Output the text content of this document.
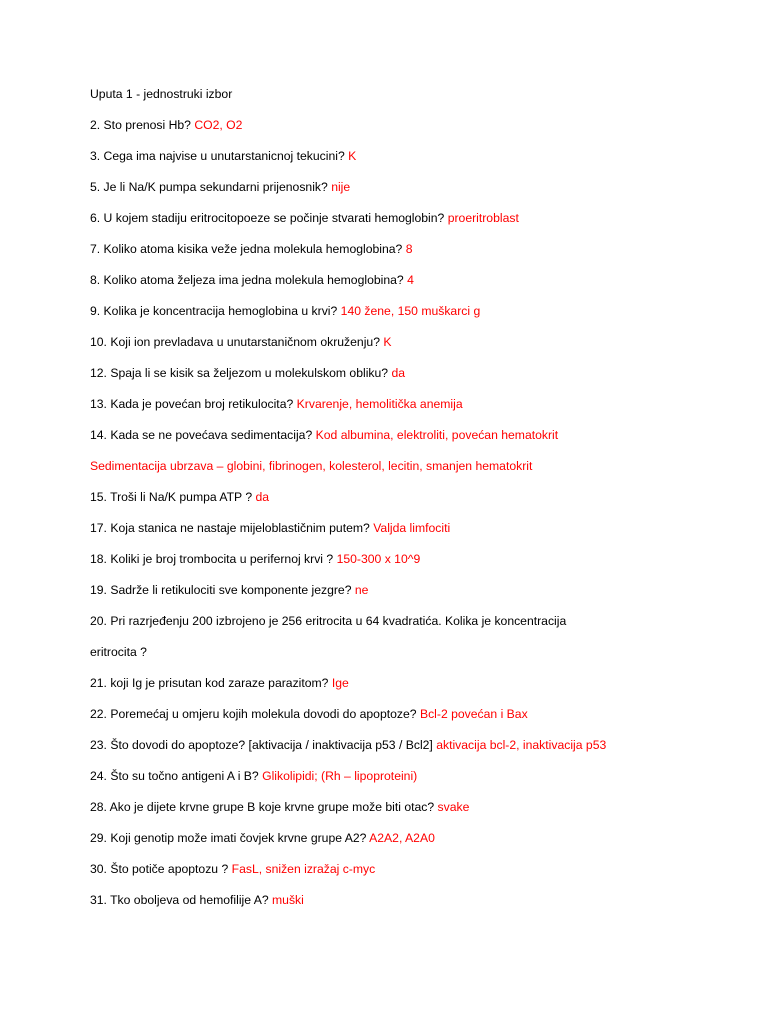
Uputa 1 - jednostruki izbor
2. Sto prenosi Hb? CO2, O2
3. Cega ima najvise u unutarstanicnoj tekucini? K
5. Je li Na/K pumpa sekundarni prijenosnik? nije
6. U kojem stadiju eritrocitopoeze se počinje stvarati hemoglobin? proeritroblast
7. Koliko atoma kisika veže jedna molekula hemoglobina? 8
8. Koliko atoma željeza ima jedna molekula hemoglobina? 4
9. Kolika je koncentracija hemoglobina u krvi? 140 žene, 150 muškarci g
10. Koji ion prevladava u unutarstaničnom okruženju? K
12. Spaja li se kisik sa željezom u molekulskom obliku? da
13. Kada je povećan broj retikulocita? Krvarenje, hemolitička anemija
14. Kada se ne povećava sedimentacija? Kod albumina, elektroliti, povećan hematokrit
Sedimentacija ubrzava – globini, fibrinogen, kolesterol, lecitin, smanjen hematokrit
15. Troši li Na/K pumpa ATP ? da
17. Koja stanica ne nastaje mijeloblastičnim putem? Valjda limfociti
18. Koliki je broj trombocita u perifernoj krvi ? 150-300 x 10^9
19. Sadrže li retikulociti sve komponente jezgre? ne
20. Pri razrjeđenju 200 izbrojeno je 256 eritrocita u 64 kvadratića. Kolika je koncentracija
eritrocita ?
21. koji Ig je prisutan kod zaraze parazitom? Ige
22. Poremećaj u omjeru kojih molekula dovodi do apoptoze? Bcl-2 povećan i Bax
23. Što dovodi do apoptoze? [aktivacija / inaktivacija p53 / Bcl2] aktivacija bcl-2, inaktivacija p53
24. Što su točno antigeni A i B? Glikolipidi; (Rh – lipoproteini)
28. Ako je dijete krvne grupe B koje krvne grupe može biti otac? svake
29. Koji genotip može imati čovjek krvne grupe A2? A2A2, A2A0
30. Što potiče apoptozu ? FasL, snižen izražaj c-myc
31. Tko oboljeva od hemofilije A? muški
